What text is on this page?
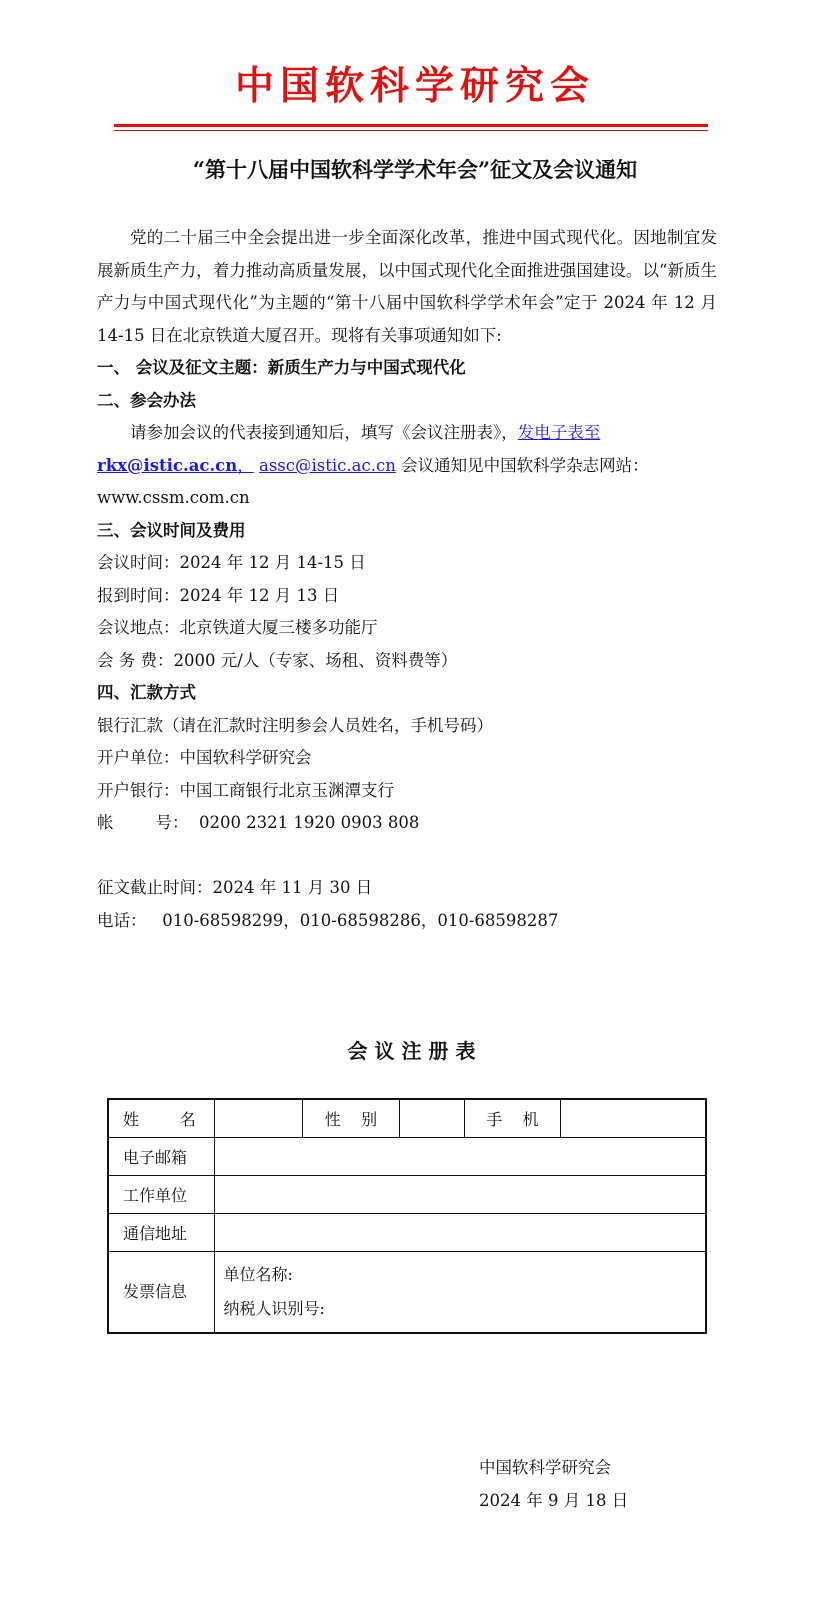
中国软科学研究会
“第十八届中国软科学学术年会”征文及会议通知

党的二十届三中全会提出进一步全面深化改革，推进中国式现代化。因地制宜发展新质生产力，着力推动高质量发展，以中国式现代化全面推进强国建设。以“新质生产力与中国式现代化”为主题的“第十八届中国软科学学术年会”定于 2024 年 12 月 14-15 日在北京铁道大厦召开。现将有关事项通知如下:

一、 会议及征文主题：新质生产力与中国式现代化

二、参会办法

请参加会议的代表接到通知后，填写《会议注册表》，发电子表至
rkx@istic.ac.cn， assc@istic.ac.cn 会议通知见中国软科学杂志网站：
www.cssm.com.cn

三、会议时间及费用

会议时间：2024 年 12 月 14-15 日

报到时间：2024 年 12 月 13 日

会议地点：北京铁道大厦三楼多功能厅

会 务 费：2000 元/人（专家、场租、资料费等）

四、汇款方式

银行汇款（请在汇款时注明参会人员姓名，手机号码）

开户单位：中国软科学研究会

开户银行：中国工商银行北京玉渊潭支行

帐        号：  0200 2321 1920 0903 808

征文截止时间：2024 年 11 月 30 日

电话：   010-68598299，010-68598286，010-68598287

会议注册表
姓        名		性    别		手    机	
电子邮箱					
工作单位					
通信地址					
发票信息	单位名称:
纳税人识别号:				
中国软科学研究会
2024 年 9 月 18 日
